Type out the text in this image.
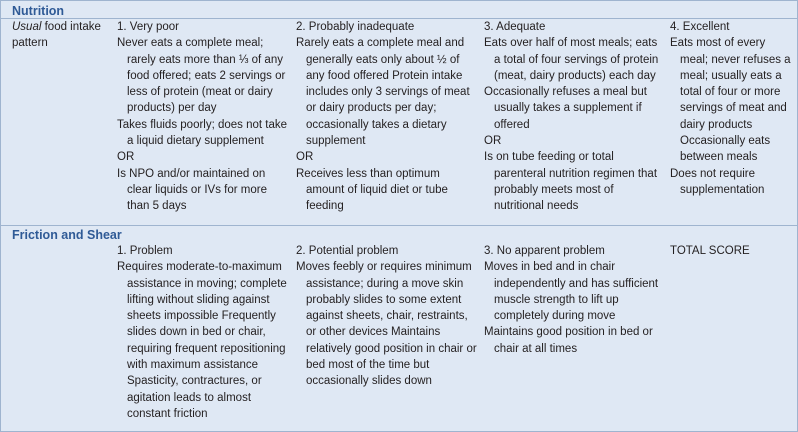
Nutrition
Usual food intake
pattern
1. Very poor
Never eats a complete meal; rarely eats more than ⅓ of any food offered; eats 2 servings or less of protein (meat or dairy products) per day
Takes fluids poorly; does not take a liquid dietary supplement
OR
Is NPO and/or maintained on clear liquids or IVs for more than 5 days
2. Probably inadequate
Rarely eats a complete meal and generally eats only about ½ of any food offered Protein intake includes only 3 servings of meat or dairy products per day; occasionally takes a dietary supplement
OR
Receives less than optimum amount of liquid diet or tube feeding
3. Adequate
Eats over half of most meals; eats a total of four servings of protein (meat, dairy products) each day
Occasionally refuses a meal but usually takes a supplement if offered
OR
Is on tube feeding or total parenteral nutrition regimen that probably meets most of nutritional needs
4. Excellent
Eats most of every meal; never refuses a meal; usually eats a total of four or more servings of meat and dairy products Occasionally eats between meals
Does not require supplementation
Friction and Shear
1. Problem
Requires moderate-to-maximum assistance in moving; complete lifting without sliding against sheets impossible Frequently slides down in bed or chair, requiring frequent repositioning with maximum assistance Spasticity, contractures, or agitation leads to almost constant friction
2. Potential problem
Moves feebly or requires minimum assistance; during a move skin probably slides to some extent against sheets, chair, restraints, or other devices Maintains relatively good position in chair or bed most of the time but occasionally slides down
3. No apparent problem
Moves in bed and in chair independently and has sufficient muscle strength to lift up completely during move
Maintains good position in bed or chair at all times
TOTAL SCORE
